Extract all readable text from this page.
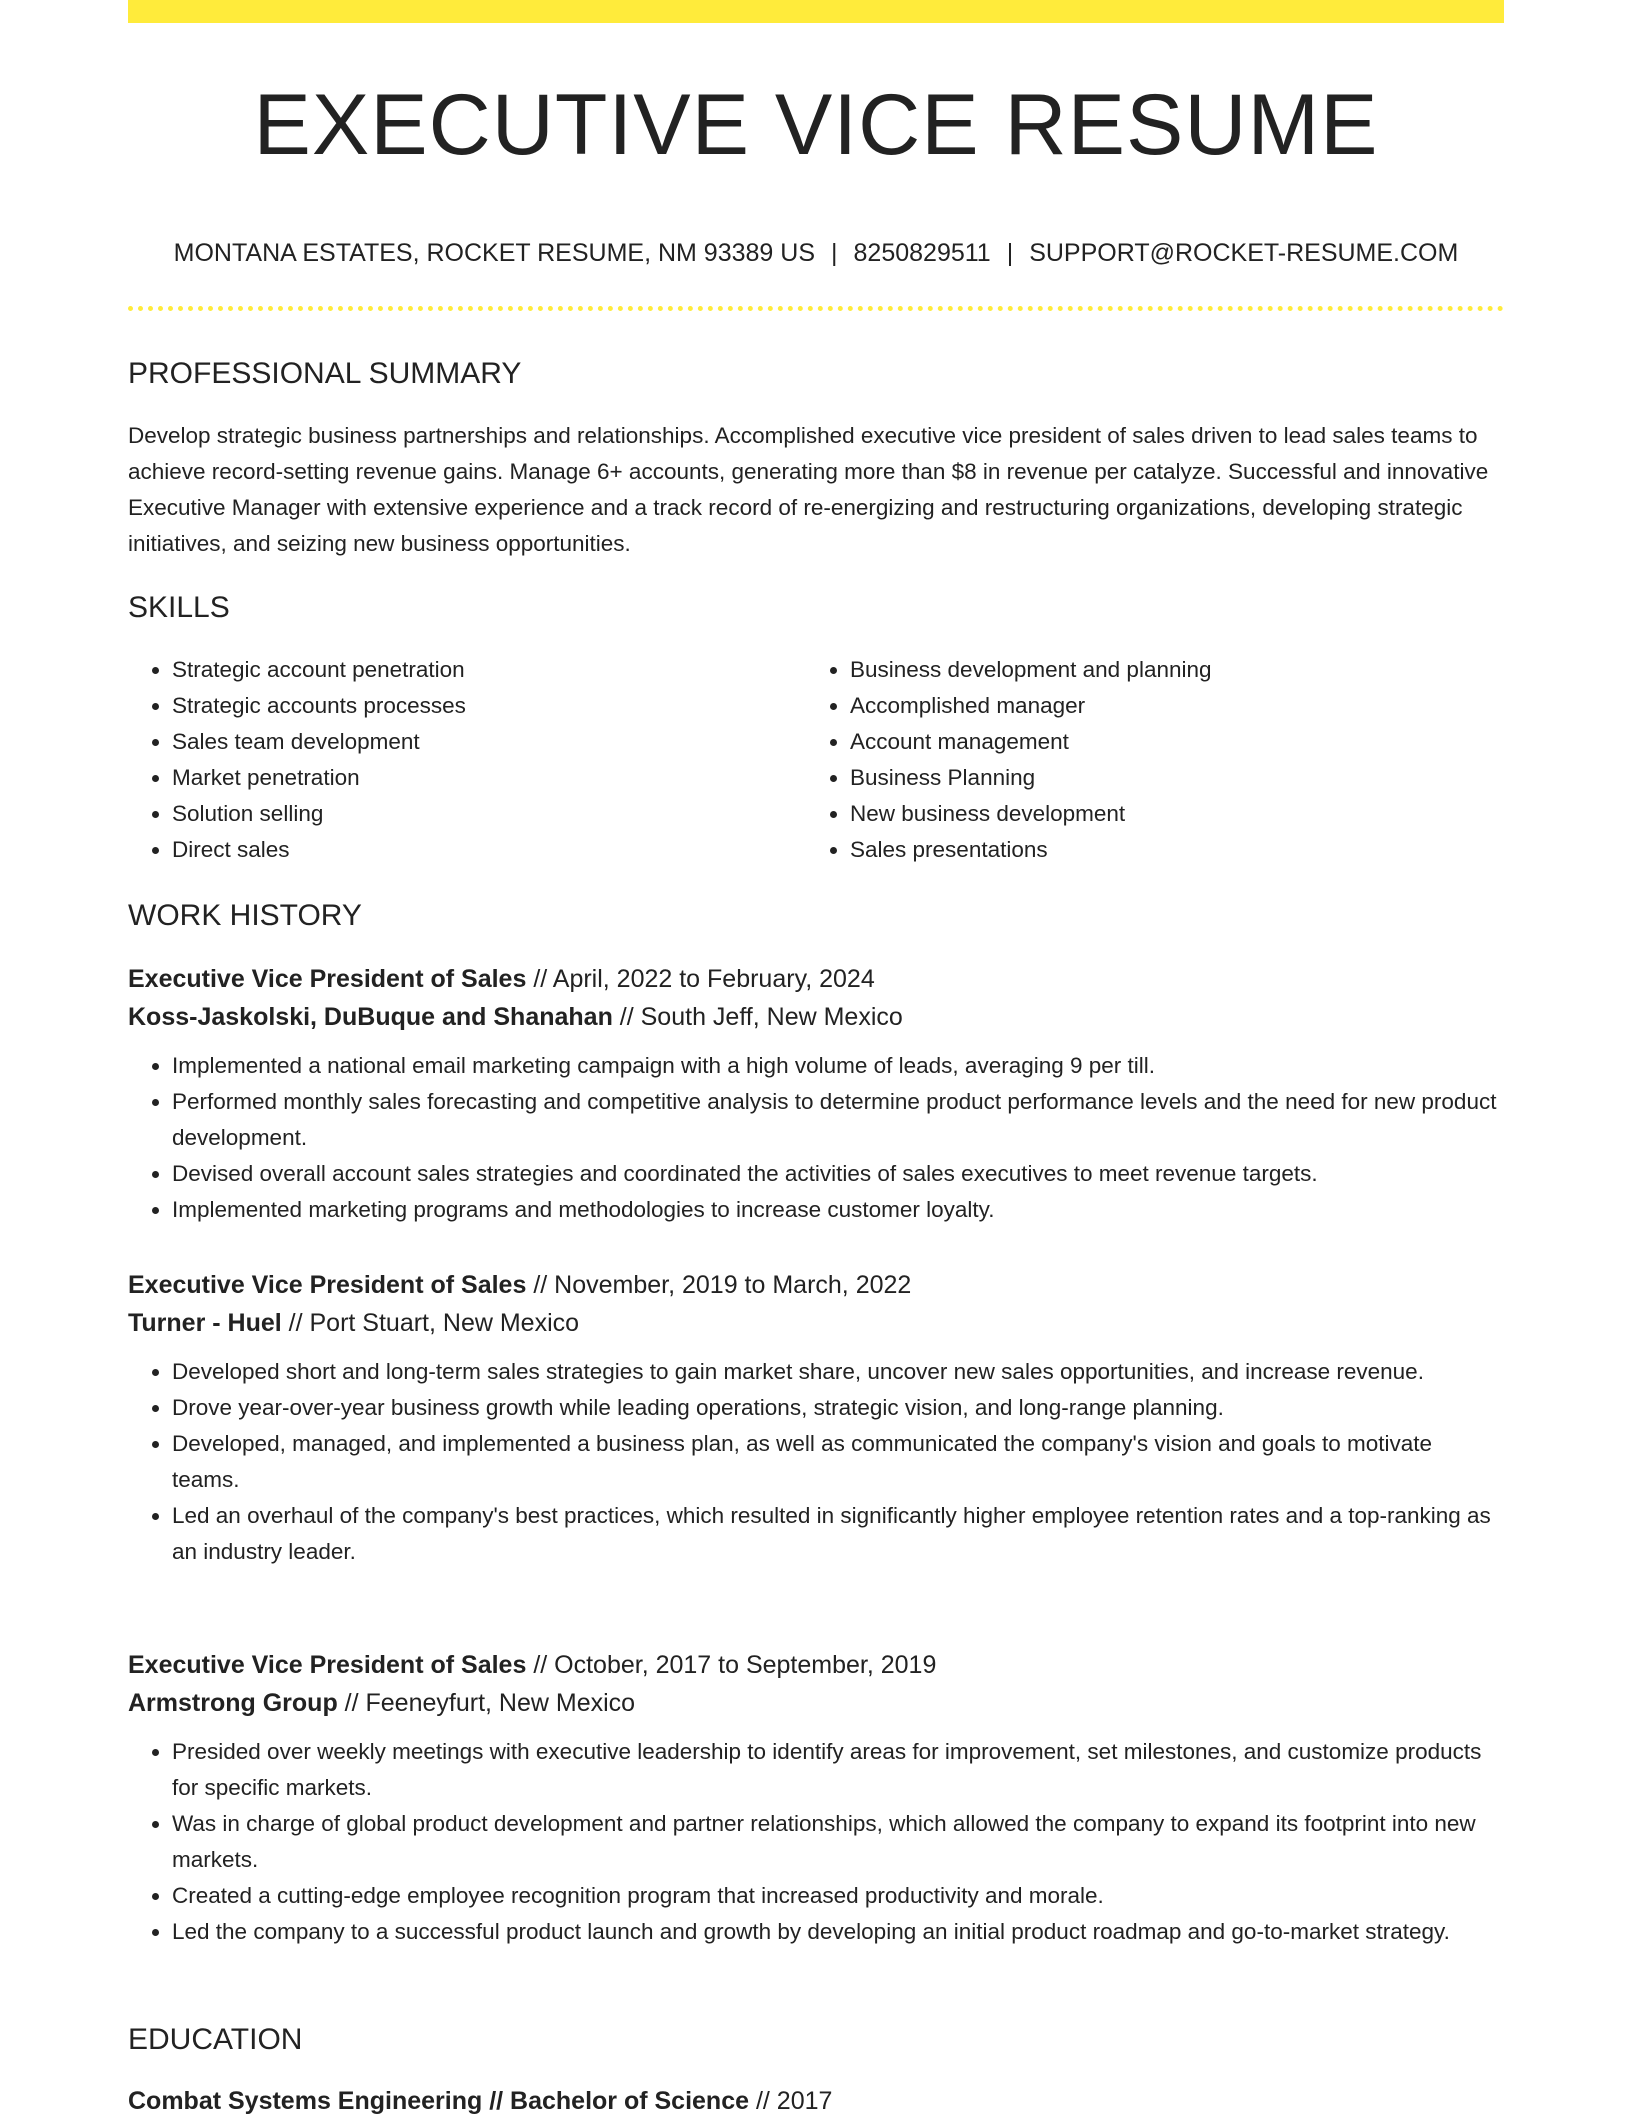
EXECUTIVE VICE RESUME
MONTANA ESTATES, ROCKET RESUME, NM 93389 US | 8250829511 | SUPPORT@ROCKET-RESUME.COM
PROFESSIONAL SUMMARY
Develop strategic business partnerships and relationships. Accomplished executive vice president of sales driven to lead sales teams to achieve record-setting revenue gains. Manage 6+ accounts, generating more than $8 in revenue per catalyze. Successful and innovative Executive Manager with extensive experience and a track record of re-energizing and restructuring organizations, developing strategic initiatives, and seizing new business opportunities.
SKILLS
• Strategic account penetration
• Strategic accounts processes
• Sales team development
• Market penetration
• Solution selling
• Direct sales
• Business development and planning
• Accomplished manager
• Account management
• Business Planning
• New business development
• Sales presentations
WORK HISTORY
Executive Vice President of Sales // April, 2022 to February, 2024
Koss-Jaskolski, DuBuque and Shanahan // South Jeff, New Mexico
• Implemented a national email marketing campaign with a high volume of leads, averaging 9 per till.
• Performed monthly sales forecasting and competitive analysis to determine product performance levels and the need for new product development.
• Devised overall account sales strategies and coordinated the activities of sales executives to meet revenue targets.
• Implemented marketing programs and methodologies to increase customer loyalty.
Executive Vice President of Sales // November, 2019 to March, 2022
Turner - Huel // Port Stuart, New Mexico
• Developed short and long-term sales strategies to gain market share, uncover new sales opportunities, and increase revenue.
• Drove year-over-year business growth while leading operations, strategic vision, and long-range planning.
• Developed, managed, and implemented a business plan, as well as communicated the company's vision and goals to motivate teams.
• Led an overhaul of the company's best practices, which resulted in significantly higher employee retention rates and a top-ranking as an industry leader.
Executive Vice President of Sales // October, 2017 to September, 2019
Armstrong Group // Feeneyfurt, New Mexico
• Presided over weekly meetings with executive leadership to identify areas for improvement, set milestones, and customize products for specific markets.
• Was in charge of global product development and partner relationships, which allowed the company to expand its footprint into new markets.
• Created a cutting-edge employee recognition program that increased productivity and morale.
• Led the company to a successful product launch and growth by developing an initial product roadmap and go-to-market strategy.
EDUCATION
Combat Systems Engineering // Bachelor of Science // 2017
